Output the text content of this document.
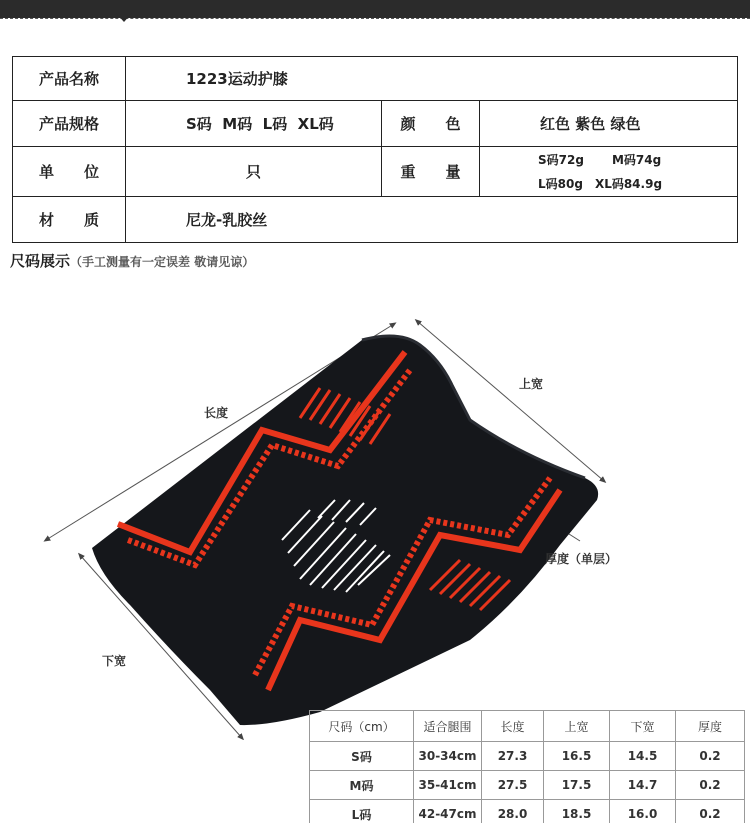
产品名称	1223运动护膝		
产品规格	S码 M码 L码 XL码	颜　　色	红色 紫色 绿色
单　　位	只	重　　量	S码72g M码74g
L码80g XL码84.9g

材　　质	尼龙-乳胶丝		
尺码展示（手工测量有一定误差 敬请见谅）
长度
上宽
下宽
厚度（单层）
尺码（cm）	适合腿围	长度	上宽	下宽	厚度
S码	30-34cm	27.3	16.5	14.5	0.2
M码	35-41cm	27.5	17.5	14.7	0.2
L码	42-47cm	28.0	18.5	16.0	0.2
